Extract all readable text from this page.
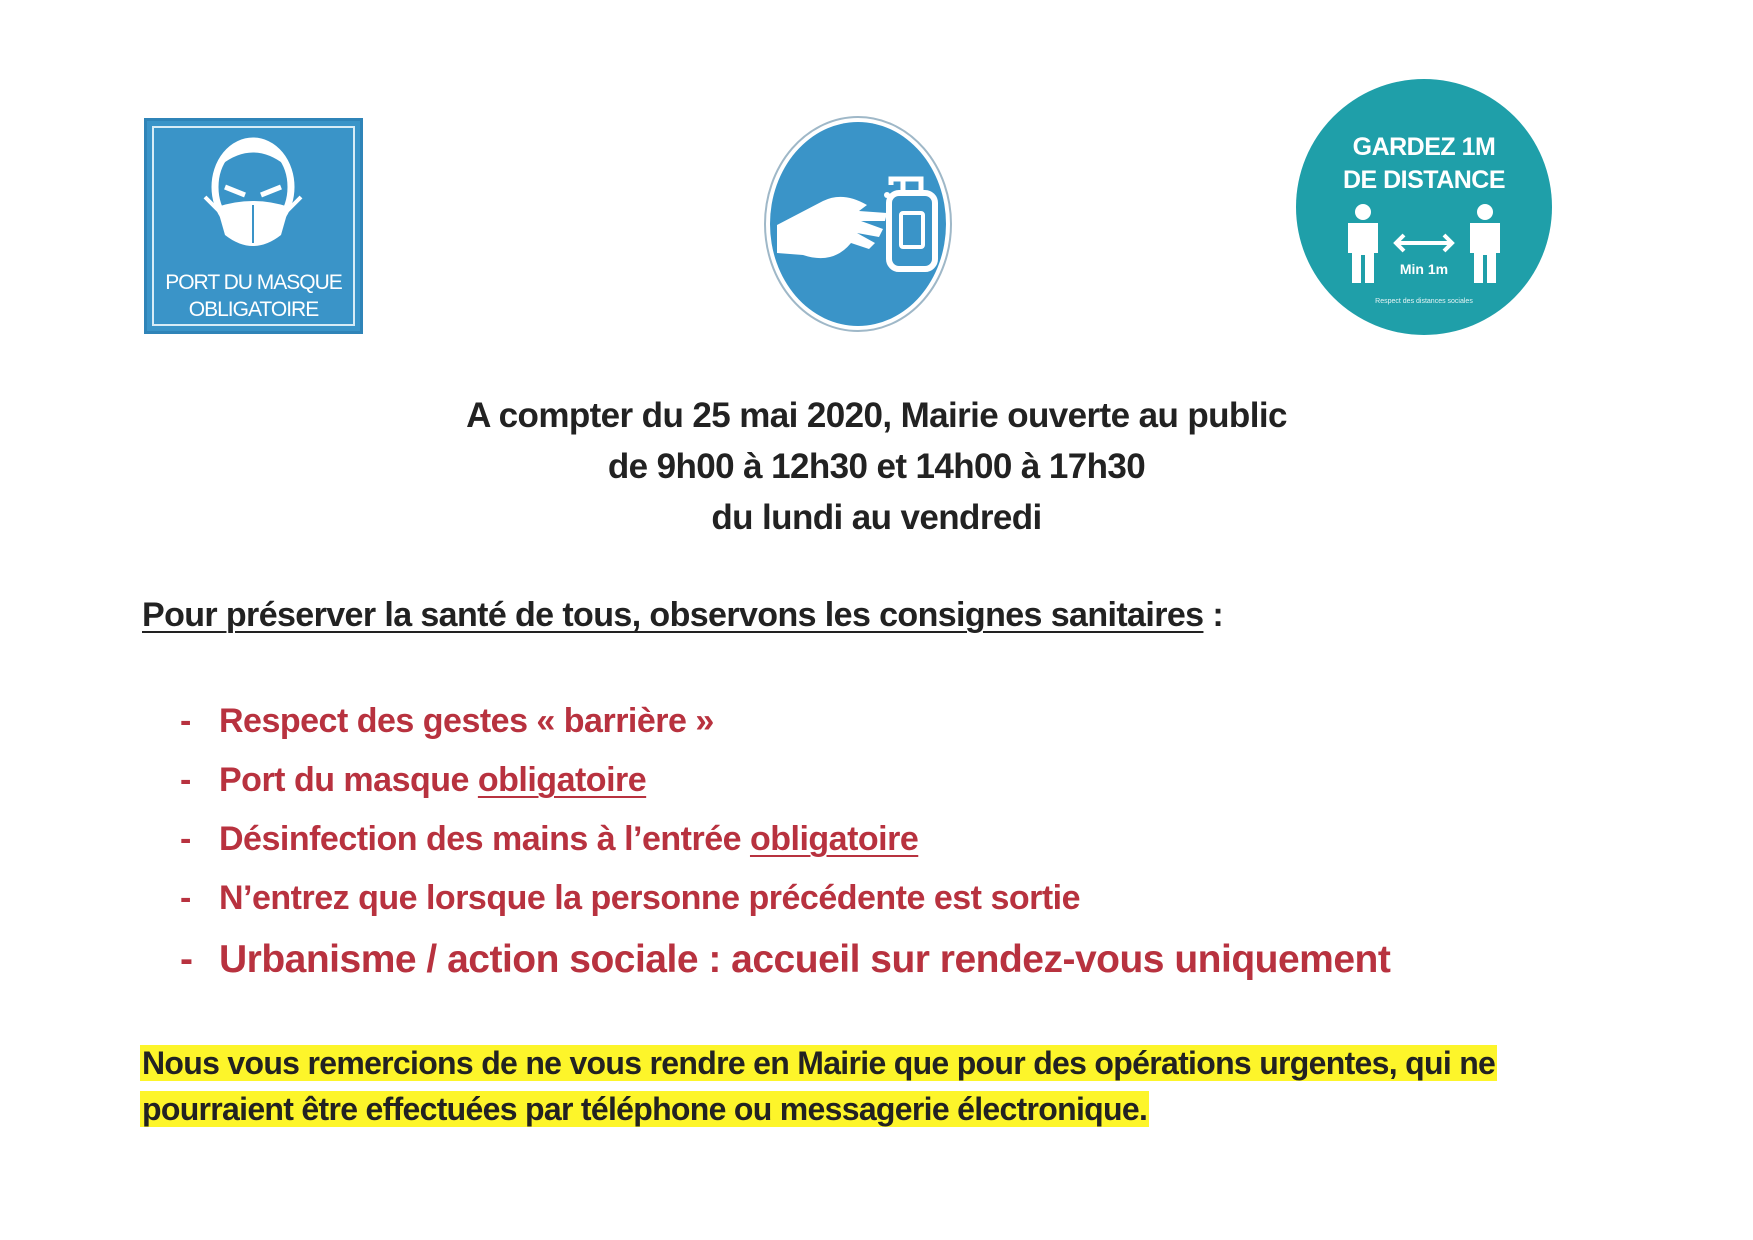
PORT DU MASQUE
OBLIGATOIRE
GARDEZ 1M
DE DISTANCE
Min 1m
Respect des distances sociales
A compter du 25 mai 2020, Mairie ouverte au public
de 9h00 à 12h30 et 14h00 à 17h30
du lundi au vendredi
Pour préserver la santé de tous, observons les consignes sanitaires :
- Respect des gestes « barrière »
- Port du masque obligatoire
- Désinfection des mains à l’entrée obligatoire
- N’entrez que lorsque la personne précédente est sortie
- Urbanisme / action sociale : accueil sur rendez-vous uniquement
Nous vous remercions de ne vous rendre en Mairie que pour des opérations urgentes, qui ne
pourraient être effectuées par téléphone ou messagerie électronique.
